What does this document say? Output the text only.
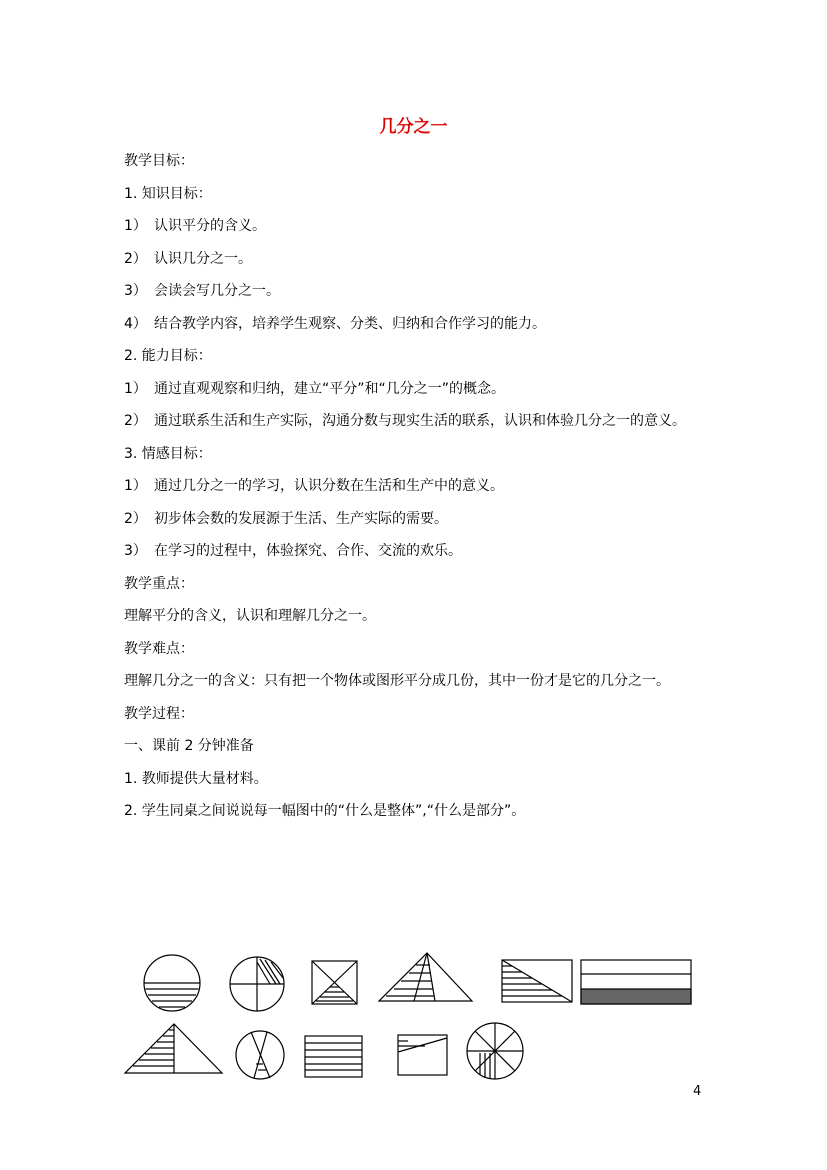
几分之一
教学目标：
1. 知识目标：
1） 认识平分的含义。
2） 认识几分之一。
3） 会读会写几分之一。
4） 结合教学内容，培养学生观察、分类、归纳和合作学习的能力。
2. 能力目标：
1） 通过直观观察和归纳，建立“平分”和“几分之一”的概念。
2） 通过联系生活和生产实际，沟通分数与现实生活的联系，认识和体验几分之一的意义。
3. 情感目标：
1） 通过几分之一的学习，认识分数在生活和生产中的意义。
2） 初步体会数的发展源于生活、生产实际的需要。
3） 在学习的过程中，体验探究、合作、交流的欢乐。
教学重点：
理解平分的含义，认识和理解几分之一。
教学难点：
理解几分之一的含义：只有把一个物体或图形平分成几份，其中一份才是它的几分之一。
教学过程：
一、课前 2 分钟准备
1. 教师提供大量材料。
2. 学生同桌之间说说每一幅图中的“什么是整体”,“什么是部分”。
4
